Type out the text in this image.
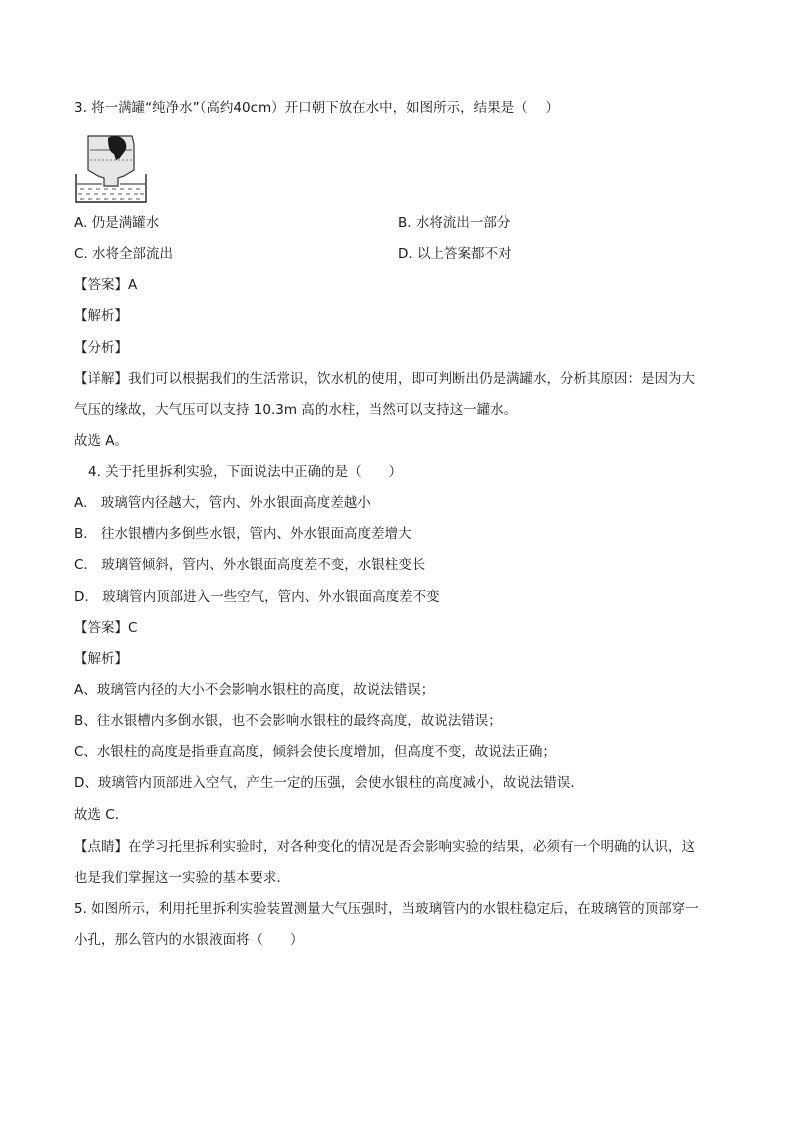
3. 将一满罐“纯净水”（高约40cm）开口朝下放在水中，如图所示，结果是（　 ）
A. 仍是满罐水	B. 水将流出一部分
C. 水将全部流出	D. 以上答案都不对
【答案】A
【解析】
【分析】
【详解】我们可以根据我们的生活常识，饮水机的使用，即可判断出仍是满罐水，分析其原因：是因为大
气压的缘故，大气压可以支持 10.3m 高的水柱，当然可以支持这一罐水。
故选 A。
4. 关于托里拆利实验，下面说法中正确的是（　　）
A.　玻璃管内径越大，管内、外水银面高度差越小
B.　往水银槽内多倒些水银，管内、外水银面高度差增大
C.　玻璃管倾斜，管内、外水银面高度差不变，水银柱变长
D.　玻璃管内顶部进入一些空气，管内、外水银面高度差不变
【答案】C
【解析】
A、玻璃管内径的大小不会影响水银柱的高度，故说法错误；
B、往水银槽内多倒水银，也不会影响水银柱的最终高度，故说法错误；
C、水银柱的高度是指垂直高度，倾斜会使长度增加，但高度不变，故说法正确；
D、玻璃管内顶部进入空气，产生一定的压强，会使水银柱的高度减小，故说法错误．
故选 C．
【点睛】在学习托里拆利实验时，对各种变化的情况是否会影响实验的结果，必须有一个明确的认识，这
也是我们掌握这一实验的基本要求．
5. 如图所示，利用托里拆利实验装置测量大气压强时，当玻璃管内的水银柱稳定后，在玻璃管的顶部穿一
小孔，那么管内的水银液面将（　　）
